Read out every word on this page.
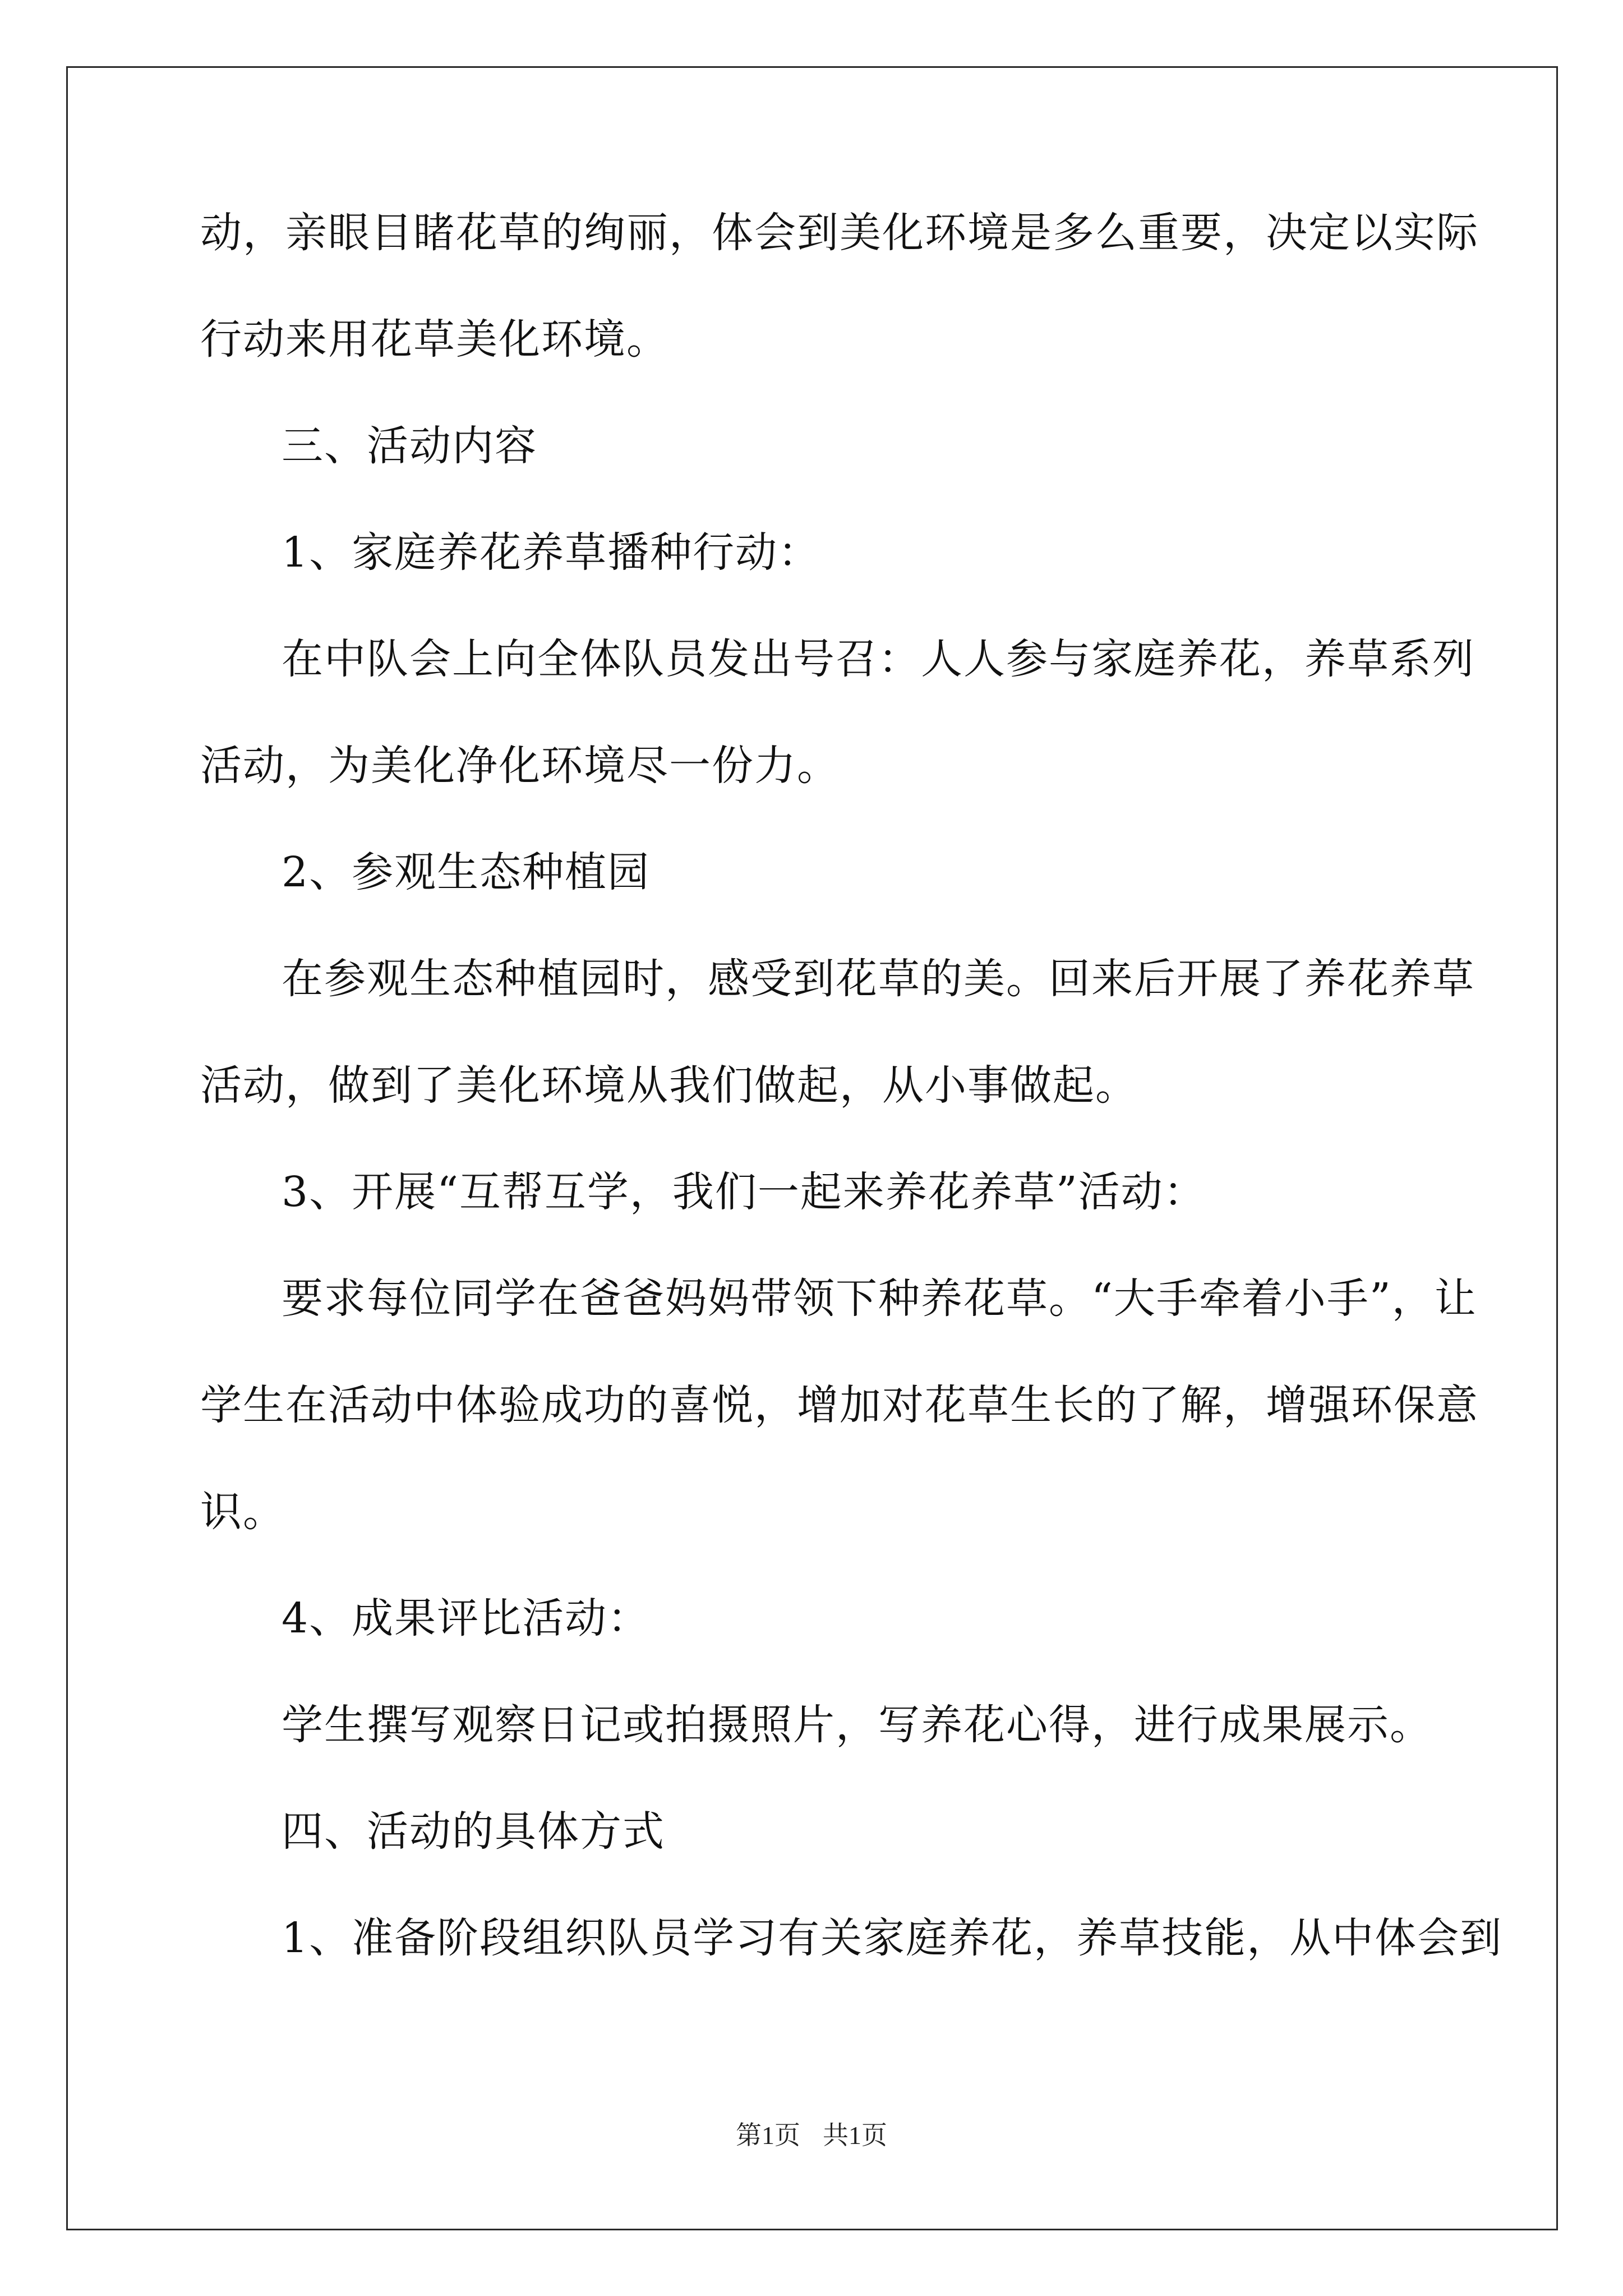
动，亲眼目睹花草的绚丽，体会到美化环境是多么重要，决定以实际
行动来用花草美化环境。
三、活动内容
1、家庭养花养草播种行动：
在中队会上向全体队员发出号召：人人参与家庭养花，养草系列
活动，为美化净化环境尽一份力。
2、参观生态种植园
在参观生态种植园时，感受到花草的美。回来后开展了养花养草
活动，做到了美化环境从我们做起，从小事做起。
3、开展“互帮互学，我们一起来养花养草”活动：
要求每位同学在爸爸妈妈带领下种养花草。“大手牵着小手”，让
学生在活动中体验成功的喜悦，增加对花草生长的了解，增强环保意
识。
4、成果评比活动：
学生撰写观察日记或拍摄照片，写养花心得，进行成果展示。
四、活动的具体方式
1、准备阶段组织队员学习有关家庭养花，养草技能，从中体会到
第1页 共1页
